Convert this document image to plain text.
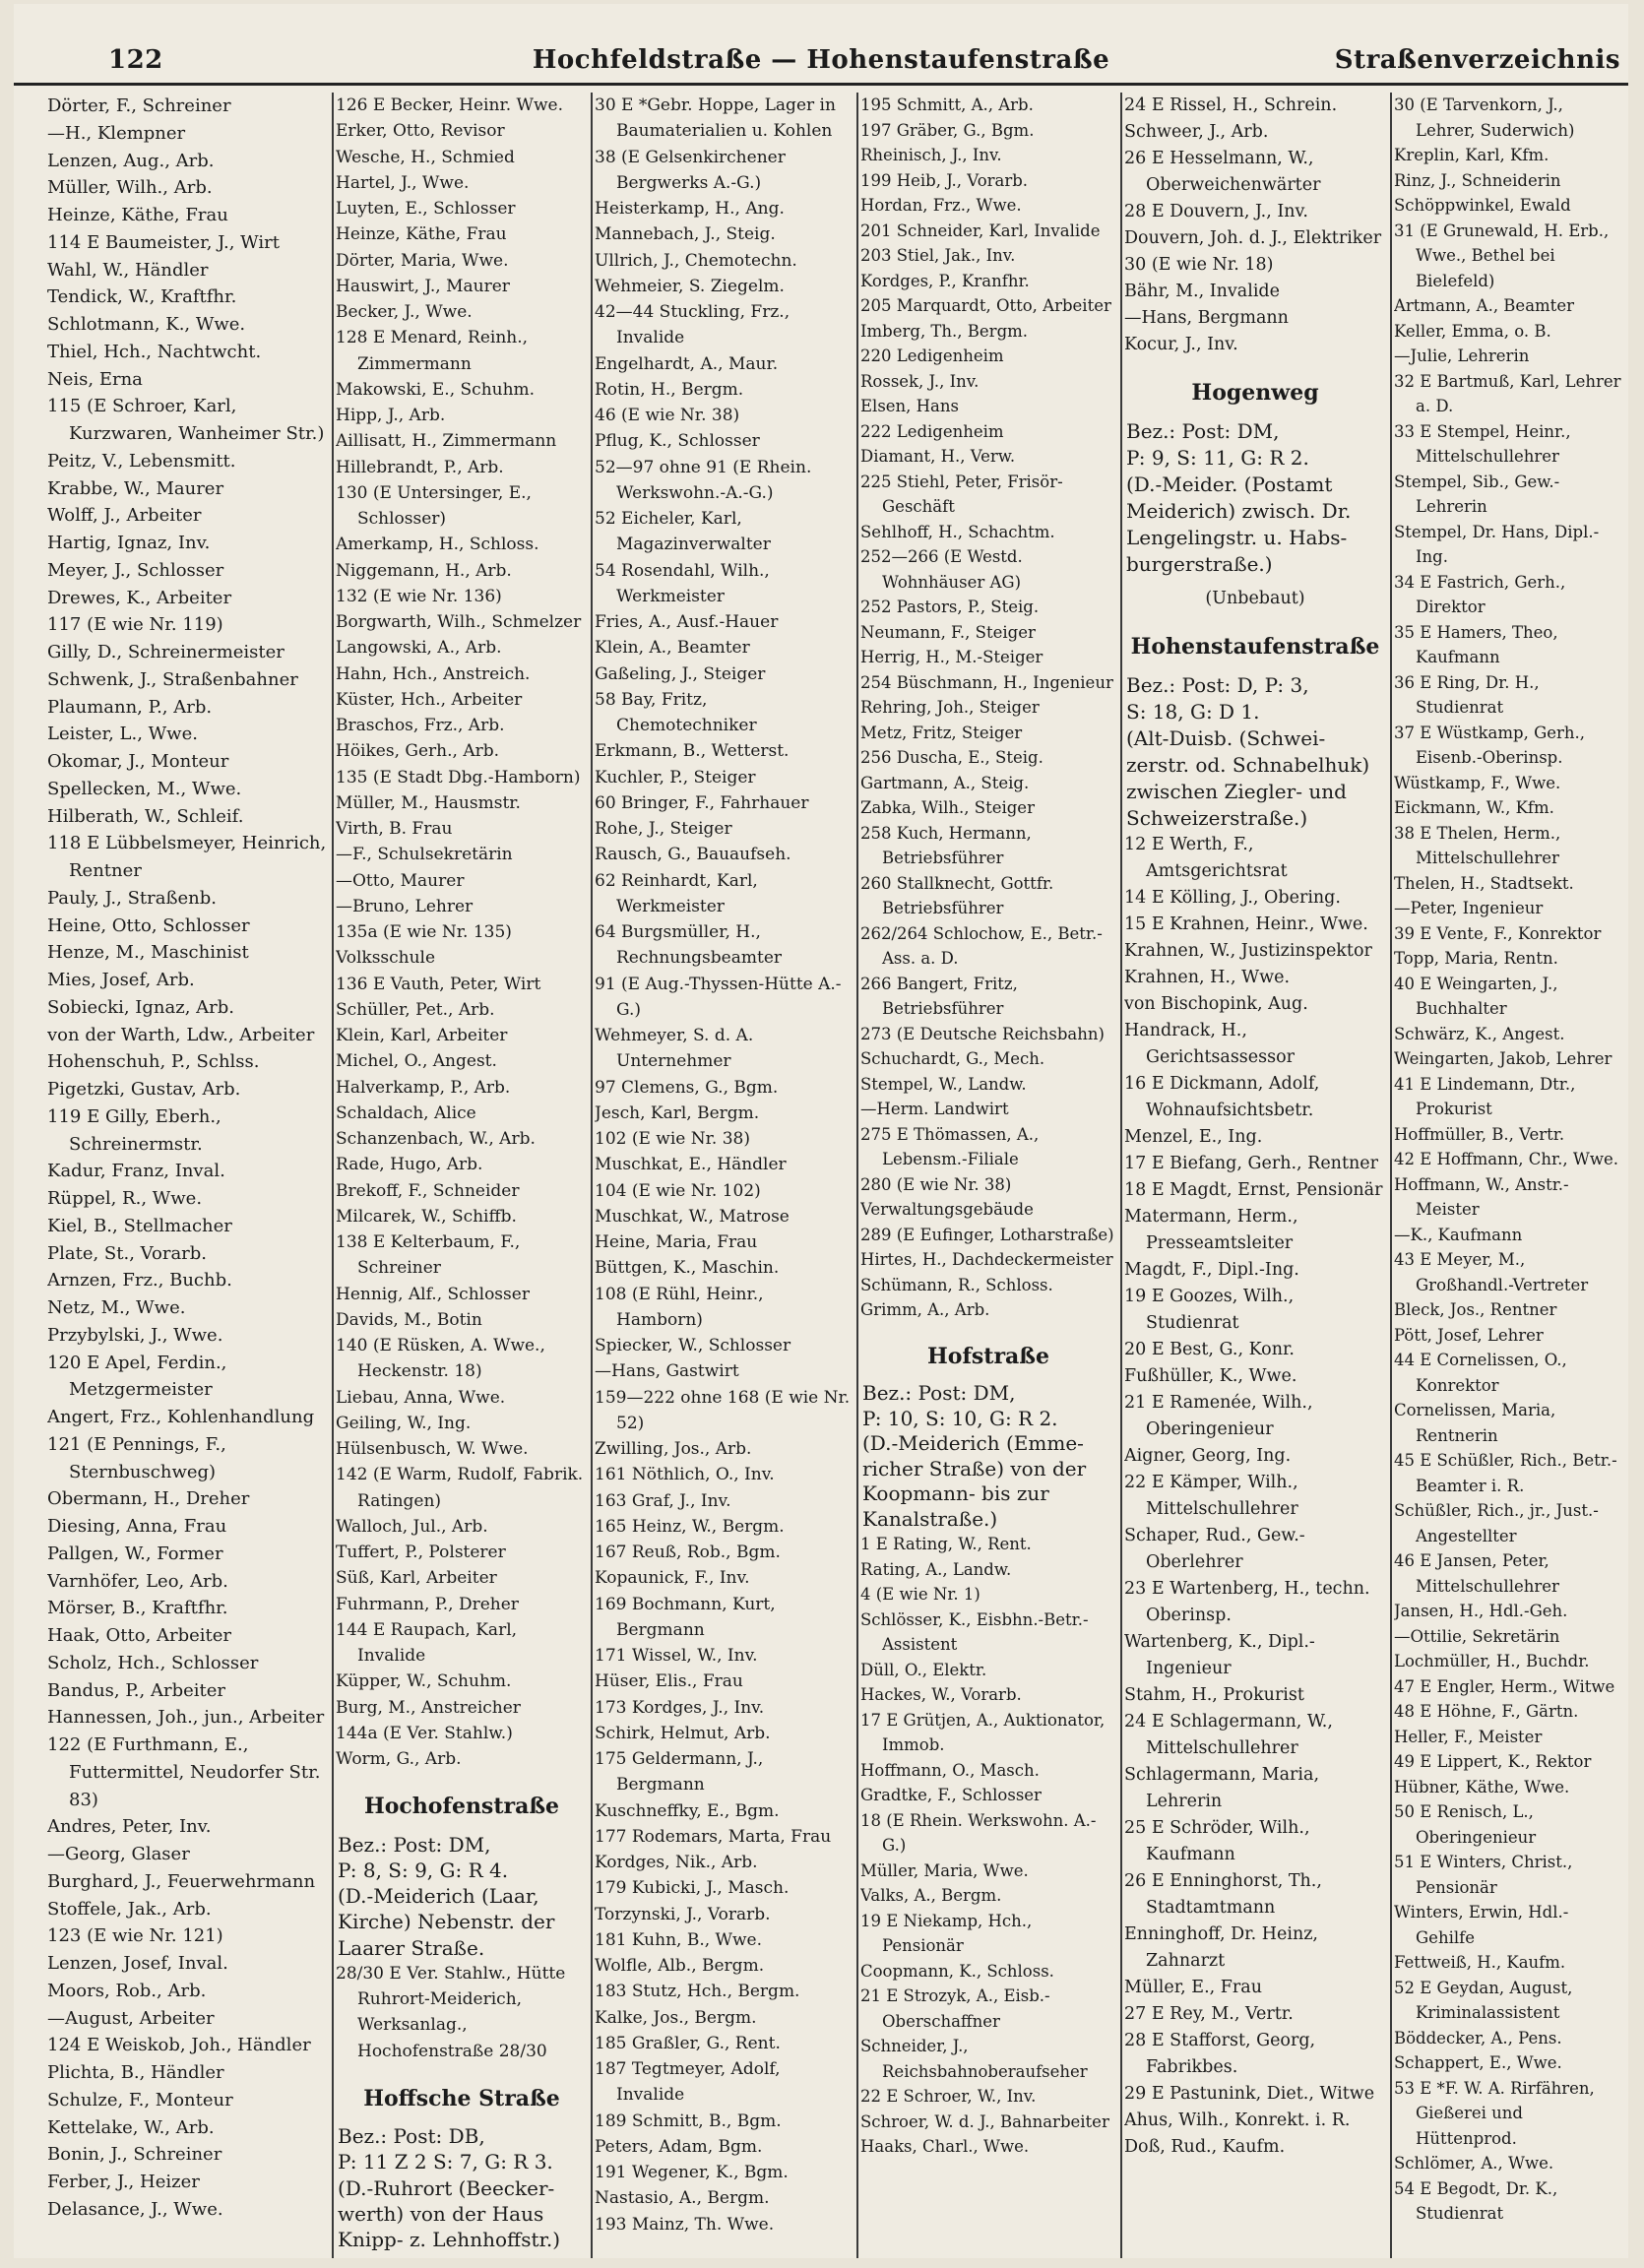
122	Hochfeldstraße — Hohenstaufenstraße	Straßenverzeichnis
Dörter, F., Schreiner
—H., Klempner
Lenzen, Aug., Arb.
Müller, Wilh., Arb.
Heinze, Käthe, Frau
114 E Baumeister, J., Wirt
Wahl, W., Händler
Tendick, W., Kraftfhr.
Schlotmann, K., Wwe.
Thiel, Hch., Nachtwcht.
Neis, Erna
115 (E Schroer, Karl, Kurzwaren, Wanheimer Str.)
Peitz, V., Lebensmitt.
Krabbe, W., Maurer
Wolff, J., Arbeiter
Hartig, Ignaz, Inv.
Meyer, J., Schlosser
Drewes, K., Arbeiter
117 (E wie Nr. 119)
Gilly, D., Schreinermeister
Schwenk, J., Straßenbahner
Plaumann, P., Arb.
Leister, L., Wwe.
Okomar, J., Monteur
Spellecken, M., Wwe.
Hilberath, W., Schleif.
118 E Lübbelsmeyer, Heinrich, Rentner
Pauly, J., Straßenb.
Heine, Otto, Schlosser
Henze, M., Maschinist
Mies, Josef, Arb.
Sobiecki, Ignaz, Arb.
von der Warth, Ldw., Arbeiter
Hohenschuh, P., Schlss.
Pigetzki, Gustav, Arb.
119 E Gilly, Eberh., Schreinermstr.
Kadur, Franz, Inval.
Rüppel, R., Wwe.
Kiel, B., Stellmacher
Plate, St., Vorarb.
Arnzen, Frz., Buchb.
Netz, M., Wwe.
Przybylski, J., Wwe.
120 E Apel, Ferdin., Metzgermeister
Angert, Frz., Kohlenhandlung
121 (E Pennings, F., Sternbuschweg)
Obermann, H., Dreher
Diesing, Anna, Frau
Pallgen, W., Former
Varnhöfer, Leo, Arb.
Mörser, B., Kraftfhr.
Haak, Otto, Arbeiter
Scholz, Hch., Schlosser
Bandus, P., Arbeiter
Hannessen, Joh., jun., Arbeiter
122 (E Furthmann, E., Futtermittel, Neudorfer Str. 83)
Andres, Peter, Inv.
—Georg, Glaser
Burghard, J., Feuerwehrmann
Stoffele, Jak., Arb.
123 (E wie Nr. 121)
Lenzen, Josef, Inval.
Moors, Rob., Arb.
—August, Arbeiter
124 E Weiskob, Joh., Händler
Plichta, B., Händler
Schulze, F., Monteur
Kettelake, W., Arb.
Bonin, J., Schreiner
Ferber, J., Heizer
Delasance, J., Wwe.
126 E Becker, Heinr. Wwe.
Erker, Otto, Revisor
Wesche, H., Schmied
Hartel, J., Wwe.
Luyten, E., Schlosser
Heinze, Käthe, Frau
Dörter, Maria, Wwe.
Hauswirt, J., Maurer
Becker, J., Wwe.
128 E Menard, Reinh., Zimmermann
Makowski, E., Schuhm.
Hipp, J., Arb.
Aillisatt, H., Zimmermann
Hillebrandt, P., Arb.
130 (E Untersinger, E., Schlosser)
Amerkamp, H., Schloss.
Niggemann, H., Arb.
132 (E wie Nr. 136)
Borgwarth, Wilh., Schmelzer
Langowski, A., Arb.
Hahn, Hch., Anstreich.
Küster, Hch., Arbeiter
Braschos, Frz., Arb.
Höikes, Gerh., Arb.
135 (E Stadt Dbg.-Hamborn)
Müller, M., Hausmstr.
Virth, B. Frau
—F., Schulsekretärin
—Otto, Maurer
—Bruno, Lehrer
135a (E wie Nr. 135)
Volksschule
136 E Vauth, Peter, Wirt
Schüller, Pet., Arb.
Klein, Karl, Arbeiter
Michel, O., Angest.
Halverkamp, P., Arb.
Schaldach, Alice
Schanzenbach, W., Arb.
Rade, Hugo, Arb.
Brekoff, F., Schneider
Milcarek, W., Schiffb.
138 E Kelterbaum, F., Schreiner
Hennig, Alf., Schlosser
Davids, M., Botin
140 (E Rüsken, A. Wwe., Heckenstr. 18)
Liebau, Anna, Wwe.
Geiling, W., Ing.
Hülsenbusch, W. Wwe.
142 (E Warm, Rudolf, Fabrik. Ratingen)
Walloch, Jul., Arb.
Tuffert, P., Polsterer
Süß, Karl, Arbeiter
Fuhrmann, P., Dreher
144 E Raupach, Karl, Invalide
Küpper, W., Schuhm.
Burg, M., Anstreicher
144a (E Ver. Stahlw.)
Worm, G., Arb.
Hochofenstraße
Bez.: Post: DM,
P: 8, S: 9, G: R 4.
(D.-Meiderich (Laar,
Kirche) Nebenstr. der
Laarer Straße.
28/30 E Ver. Stahlw., Hütte Ruhrort-Meiderich, Werksanlag., Hochofenstraße 28/30
Hoffsche Straße
Bez.: Post: DB,
P: 11 Z 2 S: 7, G: R 3.
(D.-Ruhrort (Beecker-
werth) von der Haus
Knipp- z. Lehnhoffstr.)
30 E *Gebr. Hoppe, Lager in Baumaterialien u. Kohlen
38 (E Gelsenkirchener Bergwerks A.-G.)
Heisterkamp, H., Ang.
Mannebach, J., Steig.
Ullrich, J., Chemotechn.
Wehmeier, S. Ziegelm.
42—44 Stuckling, Frz., Invalide
Engelhardt, A., Maur.
Rotin, H., Bergm.
46 (E wie Nr. 38)
Pflug, K., Schlosser
52—97 ohne 91 (E Rhein. Werkswohn.-A.-G.)
52 Eicheler, Karl, Magazinverwalter
54 Rosendahl, Wilh., Werkmeister
Fries, A., Ausf.-Hauer
Klein, A., Beamter
Gaßeling, J., Steiger
58 Bay, Fritz, Chemotechniker
Erkmann, B., Wetterst.
Kuchler, P., Steiger
60 Bringer, F., Fahrhauer
Rohe, J., Steiger
Rausch, G., Bauaufseh.
62 Reinhardt, Karl, Werkmeister
64 Burgsmüller, H., Rechnungsbeamter
91 (E Aug.-Thyssen-Hütte A.-G.)
Wehmeyer, S. d. A. Unternehmer
97 Clemens, G., Bgm.
Jesch, Karl, Bergm.
102 (E wie Nr. 38)
Muschkat, E., Händler
104 (E wie Nr. 102)
Muschkat, W., Matrose
Heine, Maria, Frau
Büttgen, K., Maschin.
108 (E Rühl, Heinr., Hamborn)
Spiecker, W., Schlosser
—Hans, Gastwirt
159—222 ohne 168 (E wie Nr. 52)
Zwilling, Jos., Arb.
161 Nöthlich, O., Inv.
163 Graf, J., Inv.
165 Heinz, W., Bergm.
167 Reuß, Rob., Bgm.
Kopaunick, F., Inv.
169 Bochmann, Kurt, Bergmann
171 Wissel, W., Inv.
Hüser, Elis., Frau
173 Kordges, J., Inv.
Schirk, Helmut, Arb.
175 Geldermann, J., Bergmann
Kuschneffky, E., Bgm.
177 Rodemars, Marta, Frau
Kordges, Nik., Arb.
179 Kubicki, J., Masch.
Torzynski, J., Vorarb.
181 Kuhn, B., Wwe.
Wolfle, Alb., Bergm.
183 Stutz, Hch., Bergm.
Kalke, Jos., Bergm.
185 Graßler, G., Rent.
187 Tegtmeyer, Adolf, Invalide
189 Schmitt, B., Bgm.
Peters, Adam, Bgm.
191 Wegener, K., Bgm.
Nastasio, A., Bergm.
193 Mainz, Th. Wwe.
195 Schmitt, A., Arb.
197 Gräber, G., Bgm.
Rheinisch, J., Inv.
199 Heib, J., Vorarb.
Hordan, Frz., Wwe.
201 Schneider, Karl, Invalide
203 Stiel, Jak., Inv.
Kordges, P., Kranfhr.
205 Marquardt, Otto, Arbeiter
Imberg, Th., Bergm.
220 Ledigenheim
Rossek, J., Inv.
Elsen, Hans
222 Ledigenheim
Diamant, H., Verw.
225 Stiehl, Peter, Frisör-Geschäft
Sehlhoff, H., Schachtm.
252—266 (E Westd. Wohnhäuser AG)
252 Pastors, P., Steig.
Neumann, F., Steiger
Herrig, H., M.-Steiger
254 Büschmann, H., Ingenieur
Rehring, Joh., Steiger
Metz, Fritz, Steiger
256 Duscha, E., Steig.
Gartmann, A., Steig.
Zabka, Wilh., Steiger
258 Kuch, Hermann, Betriebsführer
260 Stallknecht, Gottfr. Betriebsführer
262/264 Schlochow, E., Betr.-Ass. a. D.
266 Bangert, Fritz, Betriebsführer
273 (E Deutsche Reichsbahn)
Schuchardt, G., Mech.
Stempel, W., Landw.
—Herm. Landwirt
275 E Thömassen, A., Lebensm.-Filiale
280 (E wie Nr. 38)
Verwaltungsgebäude
289 (E Eufinger, Lotharstraße)
Hirtes, H., Dachdeckermeister
Schümann, R., Schloss.
Grimm, A., Arb.
Hofstraße
Bez.: Post: DM,
P: 10, S: 10, G: R 2.
(D.-Meiderich (Emme-
richer Straße) von der
Koopmann- bis zur
Kanalstraße.)
1 E Rating, W., Rent.
Rating, A., Landw.
4 (E wie Nr. 1)
Schlösser, K., Eisbhn.-Betr.-Assistent
Düll, O., Elektr.
Hackes, W., Vorarb.
17 E Grütjen, A., Auktionator, Immob.
Hoffmann, O., Masch.
Gradtke, F., Schlosser
18 (E Rhein. Werkswohn. A.-G.)
Müller, Maria, Wwe.
Valks, A., Bergm.
19 E Niekamp, Hch., Pensionär
Coopmann, K., Schloss.
21 E Strozyk, A., Eisb.-Oberschaffner
Schneider, J., Reichsbahnoberaufseher
22 E Schroer, W., Inv.
Schroer, W. d. J., Bahnarbeiter
Haaks, Charl., Wwe.
24 E Rissel, H., Schrein.
Schweer, J., Arb.
26 E Hesselmann, W., Oberweichenwärter
28 E Douvern, J., Inv.
Douvern, Joh. d. J., Elektriker
30 (E wie Nr. 18)
Bähr, M., Invalide
—Hans, Bergmann
Kocur, J., Inv.
Hogenweg
Bez.: Post: DM,
P: 9, S: 11, G: R 2.
(D.-Meider. (Postamt
Meiderich) zwisch. Dr.
Lengelingstr. u. Habs-
burgerstraße.)
(Unbebaut)
Hohenstaufenstraße
Bez.: Post: D, P: 3,
S: 18, G: D 1.
(Alt-Duisb. (Schwei-
zerstr. od. Schnabelhuk)
zwischen Ziegler- und
Schweizerstraße.)
12 E Werth, F., Amtsgerichtsrat
14 E Kölling, J., Obering.
15 E Krahnen, Heinr., Wwe.
Krahnen, W., Justizinspektor
Krahnen, H., Wwe.
von Bischopink, Aug.
Handrack, H., Gerichtsassessor
16 E Dickmann, Adolf, Wohnaufsichtsbetr.
Menzel, E., Ing.
17 E Biefang, Gerh., Rentner
18 E Magdt, Ernst, Pensionär
Matermann, Herm., Presseamtsleiter
Magdt, F., Dipl.-Ing.
19 E Goozes, Wilh., Studienrat
20 E Best, G., Konr.
Fußhüller, K., Wwe.
21 E Ramenée, Wilh., Oberingenieur
Aigner, Georg, Ing.
22 E Kämper, Wilh., Mittelschullehrer
Schaper, Rud., Gew.-Oberlehrer
23 E Wartenberg, H., techn. Oberinsp.
Wartenberg, K., Dipl.-Ingenieur
Stahm, H., Prokurist
24 E Schlagermann, W., Mittelschullehrer
Schlagermann, Maria, Lehrerin
25 E Schröder, Wilh., Kaufmann
26 E Enninghorst, Th., Stadtamtmann
Enninghoff, Dr. Heinz, Zahnarzt
Müller, E., Frau
27 E Rey, M., Vertr.
28 E Stafforst, Georg, Fabrikbes.
29 E Pastunink, Diet., Witwe
Ahus, Wilh., Konrekt. i. R.
Doß, Rud., Kaufm.
30 (E Tarvenkorn, J., Lehrer, Suderwich)
Kreplin, Karl, Kfm.
Rinz, J., Schneiderin
Schöppwinkel, Ewald
31 (E Grunewald, H. Erb., Wwe., Bethel bei Bielefeld)
Artmann, A., Beamter
Keller, Emma, o. B.
—Julie, Lehrerin
32 E Bartmuß, Karl, Lehrer a. D.
33 E Stempel, Heinr., Mittelschullehrer
Stempel, Sib., Gew.-Lehrerin
Stempel, Dr. Hans, Dipl.-Ing.
34 E Fastrich, Gerh., Direktor
35 E Hamers, Theo, Kaufmann
36 E Ring, Dr. H., Studienrat
37 E Wüstkamp, Gerh., Eisenb.-Oberinsp.
Wüstkamp, F., Wwe.
Eickmann, W., Kfm.
38 E Thelen, Herm., Mittelschullehrer
Thelen, H., Stadtsekt.
—Peter, Ingenieur
39 E Vente, F., Konrektor
Topp, Maria, Rentn.
40 E Weingarten, J., Buchhalter
Schwärz, K., Angest.
Weingarten, Jakob, Lehrer
41 E Lindemann, Dtr., Prokurist
Hoffmüller, B., Vertr.
42 E Hoffmann, Chr., Wwe.
Hoffmann, W., Anstr.-Meister
—K., Kaufmann
43 E Meyer, M., Großhandl.-Vertreter
Bleck, Jos., Rentner
Pött, Josef, Lehrer
44 E Cornelissen, O., Konrektor
Cornelissen, Maria, Rentnerin
45 E Schüßler, Rich., Betr.-Beamter i. R.
Schüßler, Rich., jr., Just.-Angestellter
46 E Jansen, Peter, Mittelschullehrer
Jansen, H., Hdl.-Geh.
—Ottilie, Sekretärin
Lochmüller, H., Buchdr.
47 E Engler, Herm., Witwe
48 E Höhne, F., Gärtn.
Heller, F., Meister
49 E Lippert, K., Rektor
Hübner, Käthe, Wwe.
50 E Renisch, L., Oberingenieur
51 E Winters, Christ., Pensionär
Winters, Erwin, Hdl.-Gehilfe
Fettweiß, H., Kaufm.
52 E Geydan, August, Kriminalassistent
Böddecker, A., Pens.
Schappert, E., Wwe.
53 E *F. W. A. Rirfähren, Gießerei und Hüttenprod.
Schlömer, A., Wwe.
54 E Begodt, Dr. K., Studienrat
